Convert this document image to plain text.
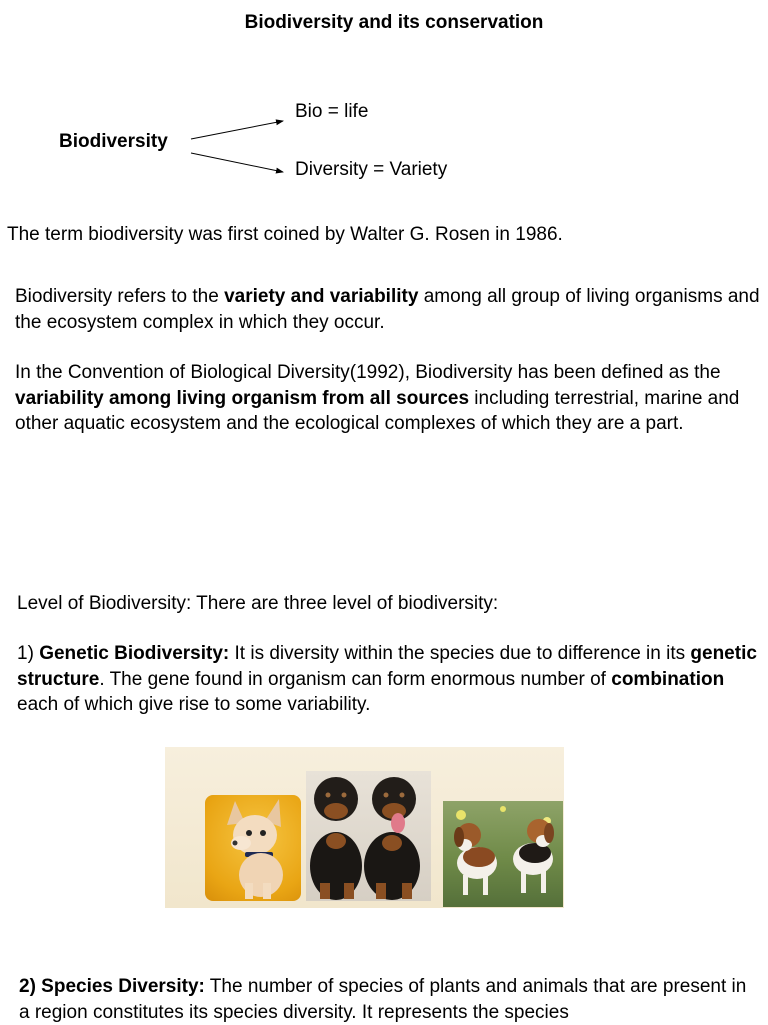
Biodiversity and its conservation
Biodiversity
Bio = life
Diversity = Variety
The term biodiversity was first coined by Walter G. Rosen in 1986.
Biodiversity refers to the variety and variability among all group of living organisms and the ecosystem complex in which they occur.
In the Convention of Biological Diversity(1992), Biodiversity has been defined as the variability among living organism from all sources including terrestrial, marine and other aquatic ecosystem and the ecological complexes of which they are a part.
Level of Biodiversity: There are three level of biodiversity:
1) Genetic Biodiversity: It is diversity within the species due to difference in its genetic structure. The gene found in organism can form enormous number of combination each of which give rise to some variability.
2) Species Diversity: The number of species of plants and animals that are present in a region constitutes its species diversity. It represents the species
